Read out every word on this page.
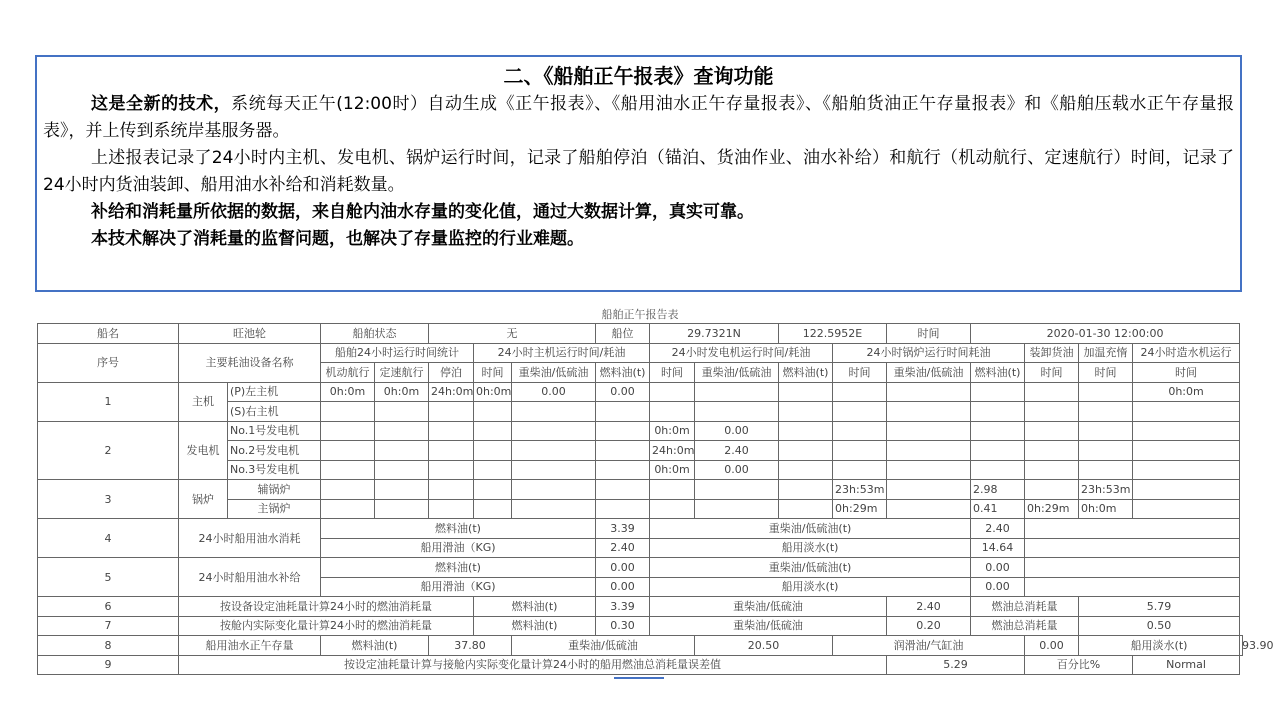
二、《船舶正午报表》查询功能

这是全新的技术，系统每天正午(12:00时）自动生成《正午报表》、《船用油水正午存量报表》、《船舶货油正午存量报表》和《船舶压载水正午存量报表》，并上传到系统岸基服务器。

上述报表记录了24小时内主机、发电机、锅炉运行时间，记录了船舶停泊（锚泊、货油作业、油水补给）和航行（机动航行、定速航行）时间，记录了24小时内货油装卸、船用油水补给和消耗数量。

补给和消耗量所依据的数据，来自舱内油水存量的变化值，通过大数据计算，真实可靠。

本技术解决了消耗量的监督问题，也解决了存量监控的行业难题。

船舶正午报告表
船名	旺池轮		船舶状态		无			船位	29.7321N		122.5952E		时间	2020-01-30 12:00:00				
序号	主要耗油设备名称		船舶24小时运行时间统计			24小时主机运行时间/耗油			24小时发电机运行时间/耗油			24小时锅炉运行时间耗油			装卸货油	加温充惰	24小时造水机运行	
			机动航行	定速航行	停泊	时间	重柴油/低硫油	燃料油(t)	时间	重柴油/低硫油	燃料油(t)	时间	重柴油/低硫油	燃料油(t)	时间	时间	时间	
1	主机	(P)左主机	0h:0m	0h:0m	24h:0m	0h:0m	0.00	0.00									0h:0m	
		(S)右主机																
2	发电机	No.1号发电机							0h:0m	0.00								
		No.2号发电机							24h:0m	2.40								
		No.3号发电机							0h:0m	0.00								
3	锅炉	辅锅炉										23h:53m		2.98		23h:53m		
		主锅炉										0h:29m		0.41	0h:29m	0h:0m		
4	24小时船用油水消耗		燃料油(t)					3.39	重柴油/低硫油(t)					2.40				
			船用滑油（KG)					2.40	船用淡水(t)					14.64				
5	24小时船用油水补给		燃料油(t)					0.00	重柴油/低硫油(t)					0.00				
			船用滑油（KG)					0.00	船用淡水(t)					0.00				
6	按设备设定油耗量计算24小时的燃油消耗量					燃料油(t)		3.39	重柴油/低硫油				2.40	燃油总消耗量		5.79		
7	按舱内实际变化量计算24小时的燃油消耗量					燃料油(t)		0.30	重柴油/低硫油				0.20	燃油总消耗量		0.50		
8	船用油水正午存量		燃料油(t)		37.80		重柴油/低硫油			20.50		润滑油/气缸油			0.00	船用淡水(t)		93.90
9	按设定油耗量计算与接舱内实际变化量计算24小时的船用燃油总消耗量误差值												5.29		百分比%		Normal	
